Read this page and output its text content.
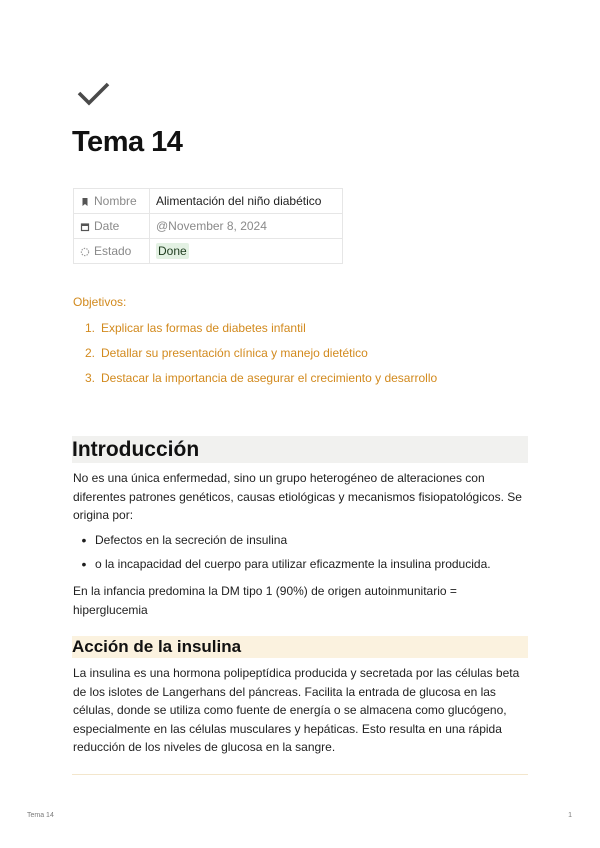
Tema 14
Nombre	Alimentación del niño diabético
Date	@November 8, 2024
Estado	Done

Objetivos:

1. Explicar las formas de diabetes infantil
2. Detallar su presentación clínica y manejo dietético
3. Destacar la importancia de asegurar el crecimiento y desarrollo
Introducción

No es una única enfermedad, sino un grupo heterogéneo de alteraciones con diferentes patrones genéticos, causas etiológicas y mecanismos fisiopatológicos. Se origina por:

• Defectos en la secreción de insulina
• o la incapacidad del cuerpo para utilizar eficazmente la insulina producida.

En la infancia predomina la DM tipo 1 (90%) de origen autoinmunitario = hiperglucemia

Acción de la insulina

La insulina es una hormona polipeptídica producida y secretada por las células beta de los islotes de Langerhans del páncreas. Facilita la entrada de glucosa en las células, donde se utiliza como fuente de energía o se almacena como glucógeno, especialmente en las células musculares y hepáticas. Esto resulta en una rápida reducción de los niveles de glucosa en la sangre.

Tema 14	1
